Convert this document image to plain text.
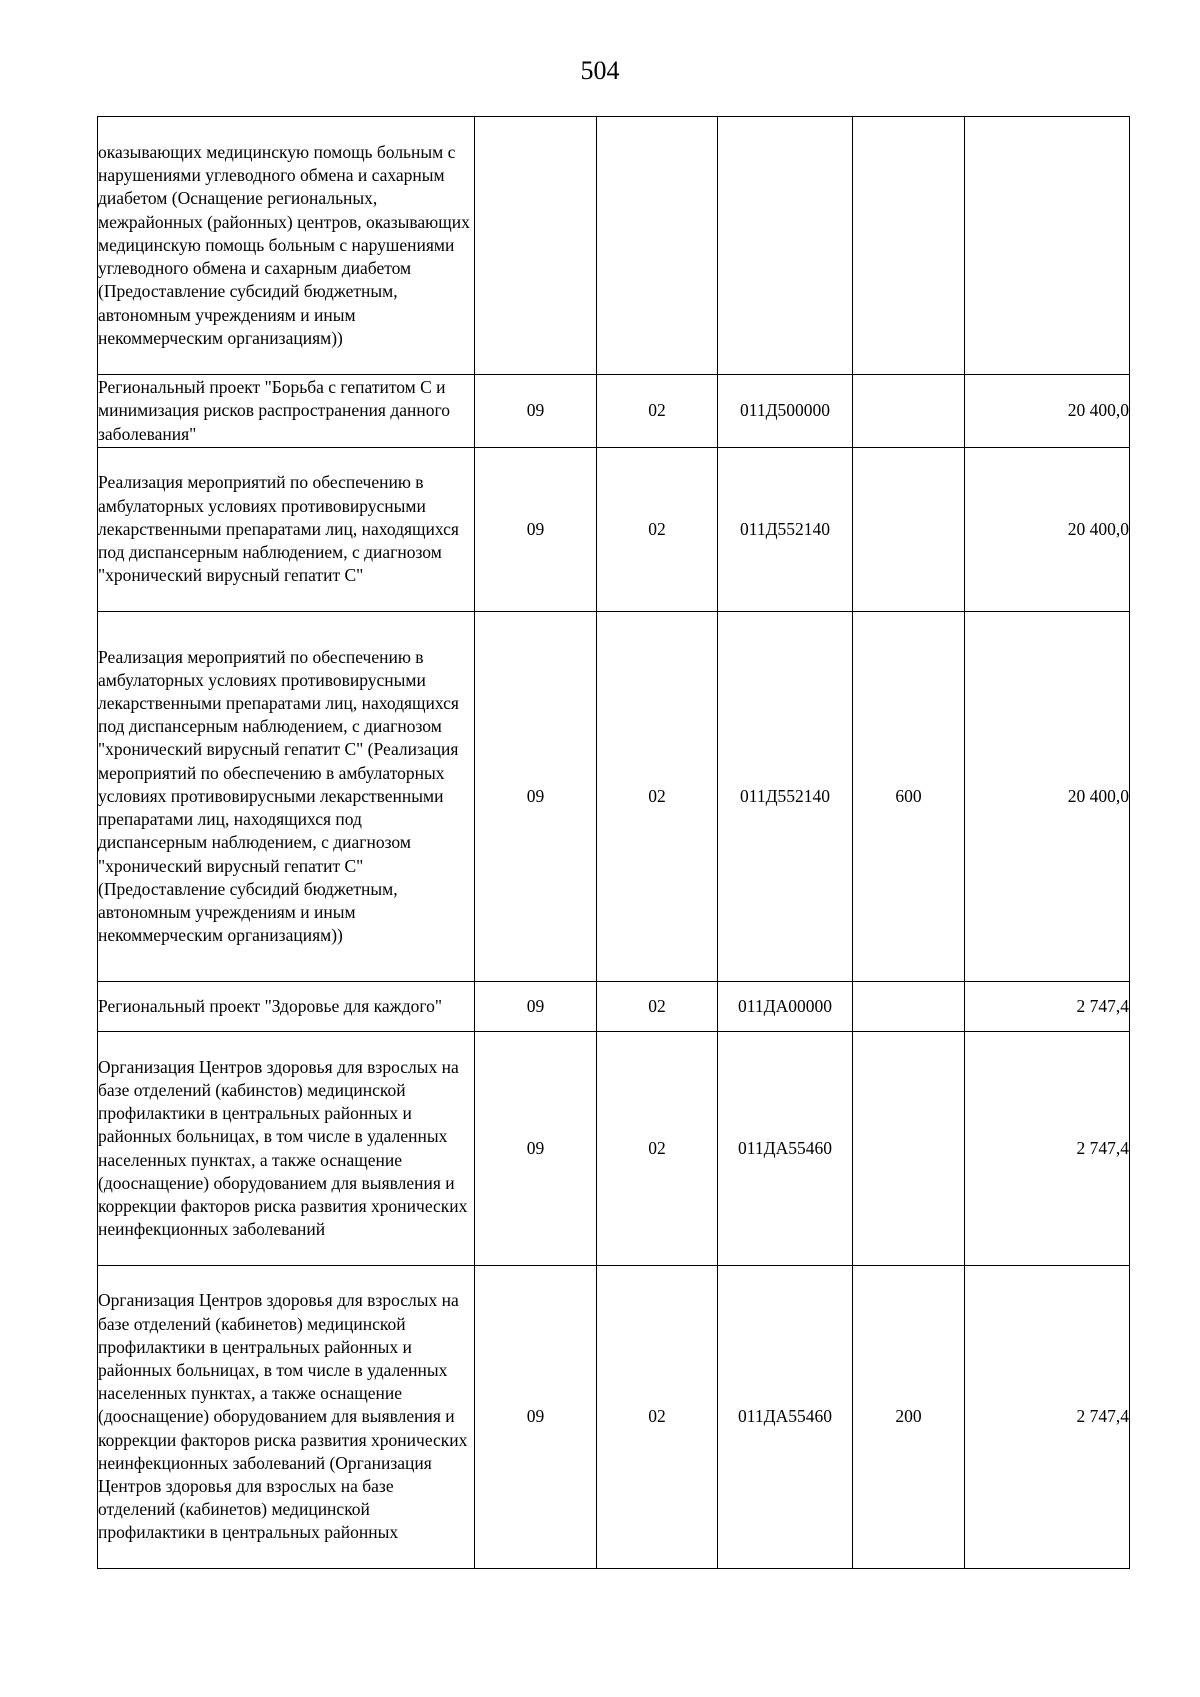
504
оказывающих медицинскую помощь больным с нарушениями углеводного обмена и сахарным диабетом (Оснащение региональных, межрайонных (районных) центров, оказывающих медицинскую помощь больным с нарушениями углеводного обмена и сахарным диабетом (Предоставление субсидий бюджетным, автономным учреждениям и иным некоммерческим организациям))					

Региональный проект "Борьба с гепатитом С и минимизация рисков распространения данного заболевания"	09	02	011Д500000		20 400,0

Реализация мероприятий по обеспечению в амбулаторных условиях противовирусными лекарственными препаратами лиц, находящихся под диспансерным наблюдением, с диагнозом "хронический вирусный гепатит С"	09	02	011Д552140		20 400,0

Реализация мероприятий по обеспечению в амбулаторных условиях противовирусными лекарственными препаратами лиц, находящихся под диспансерным наблюдением, с диагнозом "хронический вирусный гепатит С" (Реализация мероприятий по обеспечению в амбулаторных условиях противовирусными лекарственными препаратами лиц, находящихся под диспансерным наблюдением, с диагнозом "хронический вирусный гепатит С" (Предоставление субсидий бюджетным, автономным учреждениям и иным некоммерческим организациям))	09	02	011Д552140	600	20 400,0

Региональный проект "Здоровье для каждого"	09	02	011ДА00000		2 747,4

Организация Центров здоровья для взрослых на базе отделений (кабинстов) медицинской профилактики в центральных районных и районных больницах, в том числе в удаленных населенных пунктах, а также оснащение (дооснащение) оборудованием для выявления и коррекции факторов риска развития хронических неинфекционных заболеваний	09	02	011ДА55460		2 747,4

Организация Центров здоровья для взрослых на базе отделений (кабинетов) медицинской профилактики в центральных районных и районных больницах, в том числе в удаленных населенных пунктах, а также оснащение (дооснащение) оборудованием для выявления и коррекции факторов риска развития хронических неинфекционных заболеваний (Организация Центров здоровья для взрослых на базе отделений (кабинетов) медицинской профилактики в центральных районных	09	02	011ДА55460	200	2 747,4
